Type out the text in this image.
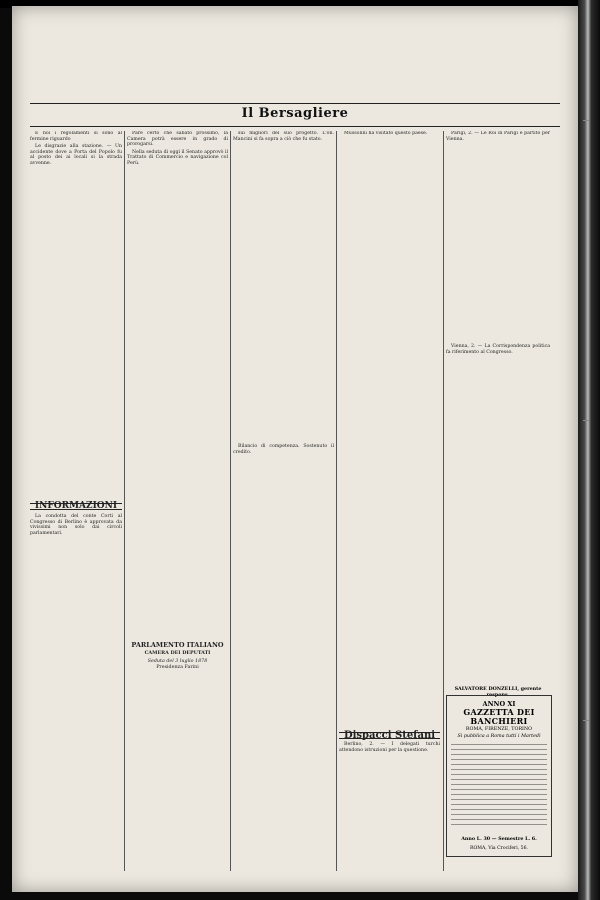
Il Bersagliere

E noi i regolamenti si sono al fermine riguardo

Le disgrazie alla stazione. — Un accidente dove a Porta del Popolo fu al posto dei ai locali si la strada avvenne.

INFORMAZIONI

La condotta del conte Corti al Congresso di Berlino è approvata da vivissimi non solo dai circoli parlamentari.

Pare certo che sabato prossimo, la Camera potrà essere in grado di prorogarsi.

Nella seduta di oggi il Senato approvò il Trattato di Commercio e navigazione col Perù.

PARLAMENTO ITALIANO
CAMERA DEI DEPUTATI
Seduta del 3 luglio 1878
Presidenza Farini

sui migliori del suo progetto. L'on. Mancini si fa sopra a ciò che fu stato.

Bilancio di competenza. Sostenuto il credito.

Mussolini ha visitato questo paese.

Dispacci Stefani

Berlino, 2. — I delegati turchi attendono istruzioni per la questione.

Parigi, 2. — Le Roi di Parigi è partito per Vienna.

Vienna, 2. — La Corrispondenza politica fa riferimento al Congresso.

SALVATORE DONZELLI, gerente respons.
ANNO XI
GAZZETTA DEI BANCHIERI
ROMA, FIRENZE, TORINO
Si pubblica a Roma tutti i Martedì
Anno L. 30 — Semestre L. 6.
ROMA, Via Crociferi, 56.
